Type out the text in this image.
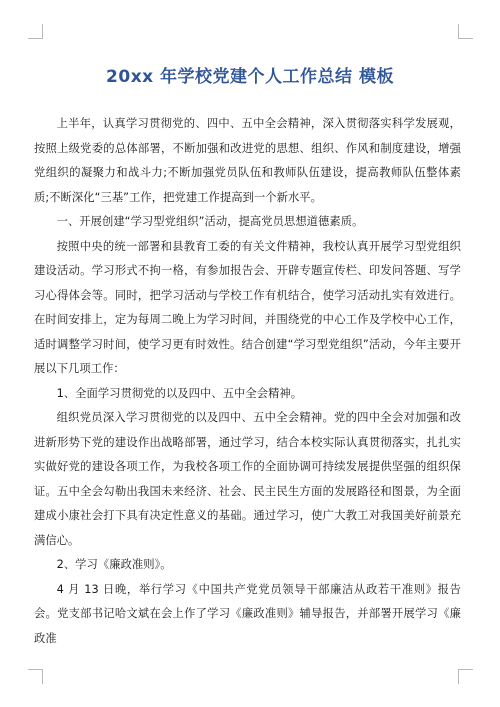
20xx 年学校党建个人工作总结 模板

上半年，认真学习贯彻党的、四中、五中全会精神，深入贯彻落实科学发展观，按照上级党委的总体部署，不断加强和改进党的思想、组织、作风和制度建设，增强党组织的凝聚力和战斗力;不断加强党员队伍和教师队伍建设，提高教师队伍整体素质;不断深化“三基”工作，把党建工作提高到一个新水平。

一、开展创建“学习型党组织”活动，提高党员思想道德素质。

按照中央的统一部署和县教育工委的有关文件精神，我校认真开展学习型党组织建设活动。学习形式不拘一格，有参加报告会、开辟专题宣传栏、印发问答题、写学习心得体会等。同时，把学习活动与学校工作有机结合，使学习活动扎实有效进行。在时间安排上，定为每周二晚上为学习时间，并围绕党的中心工作及学校中心工作，适时调整学习时间，使学习更有时效性。结合创建“学习型党组织”活动，今年主要开展以下几项工作：

1、全面学习贯彻党的以及四中、五中全会精神。

组织党员深入学习贯彻党的以及四中、五中全会精神。党的四中全会对加强和改进新形势下党的建设作出战略部署，通过学习，结合本校实际认真贯彻落实，扎扎实实做好党的建设各项工作，为我校各项工作的全面协调可持续发展提供坚强的组织保证。五中全会勾勒出我国未来经济、社会、民主民生方面的发展路径和图景，为全面建成小康社会打下具有决定性意义的基础。通过学习，使广大教工对我国美好前景充满信心。

2、学习《廉政准则》。

4 月 13 日晚，举行学习《中国共产党党员领导干部廉洁从政若干准则》报告会。党支部书记哈文斌在会上作了学习《廉政准则》辅导报告，并部署开展学习《廉政准
